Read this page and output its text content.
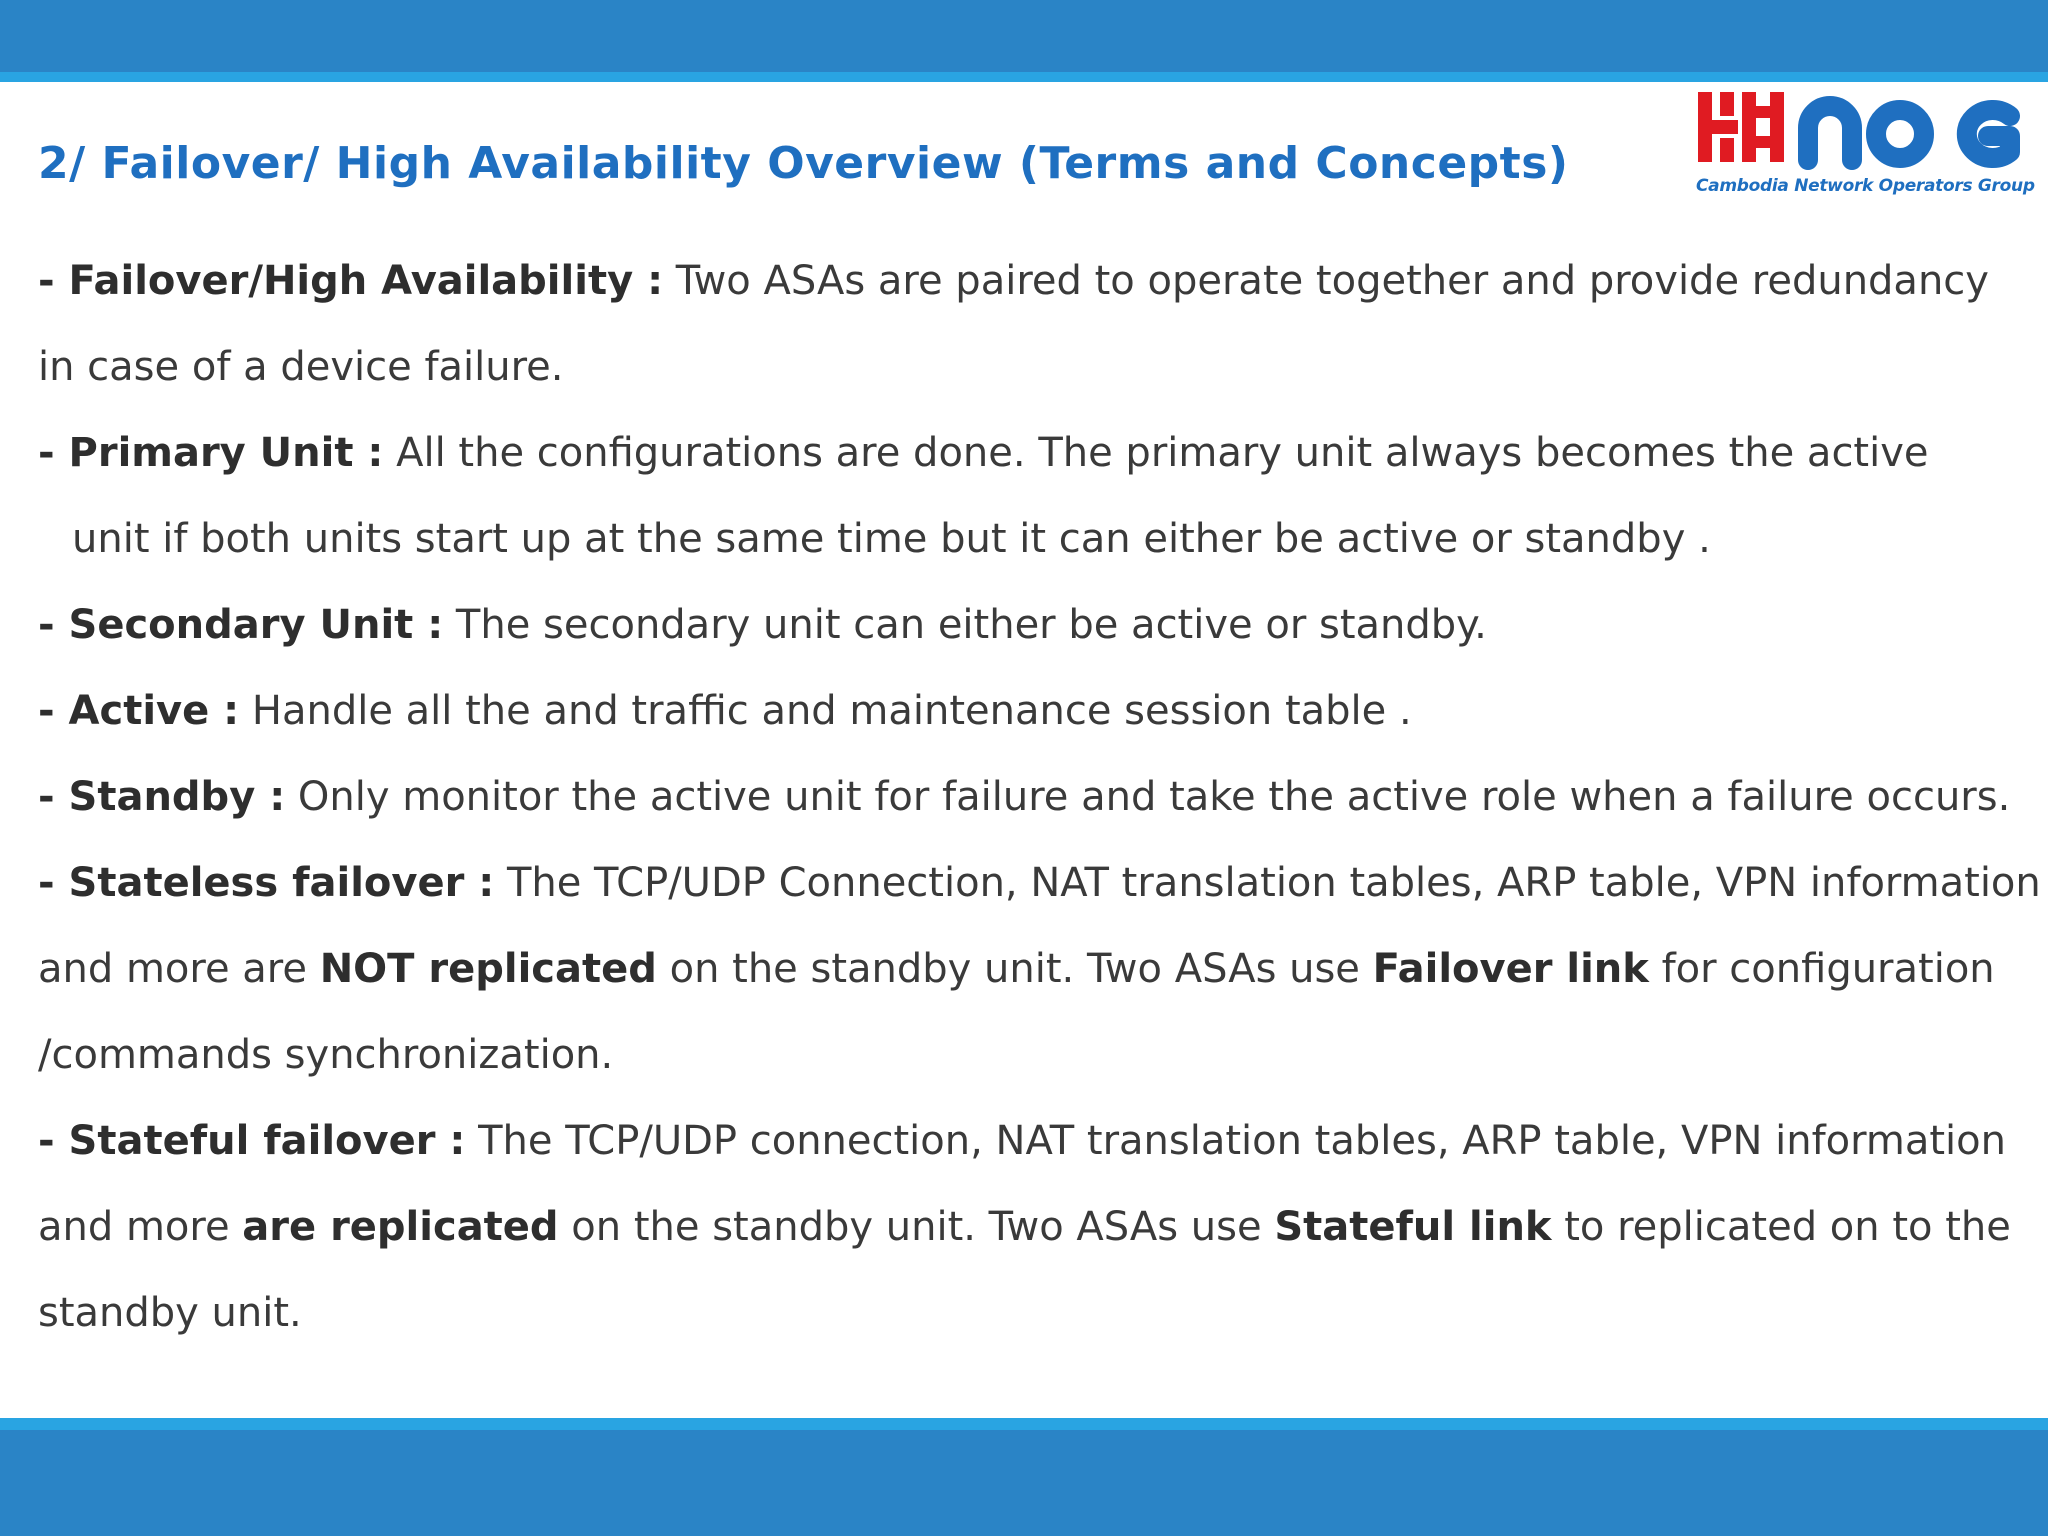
2/ Failover/ High Availability Overview (Terms and Concepts)	Cambodia Network Operators Group

- Failover/High Availability : Two ASAs are paired to operate together and provide redundancy

in case of a device failure.

- Primary Unit : All the configurations are done. The primary unit always becomes the active

unit if both units start up at the same time but it can either be active or standby .

- Secondary Unit : The secondary unit can either be active or standby.

- Active : Handle all the and traffic and maintenance session table .

- Standby : Only monitor the active unit for failure and take the active role when a failure occurs.

- Stateless failover : The TCP/UDP Connection, NAT translation tables, ARP table, VPN information

and more are NOT replicated on the standby unit. Two ASAs use Failover link for configuration

/commands synchronization.

- Stateful failover : The TCP/UDP connection, NAT translation tables, ARP table, VPN information

and more are replicated on the standby unit. Two ASAs use Stateful link to replicated on to the

standby unit.
